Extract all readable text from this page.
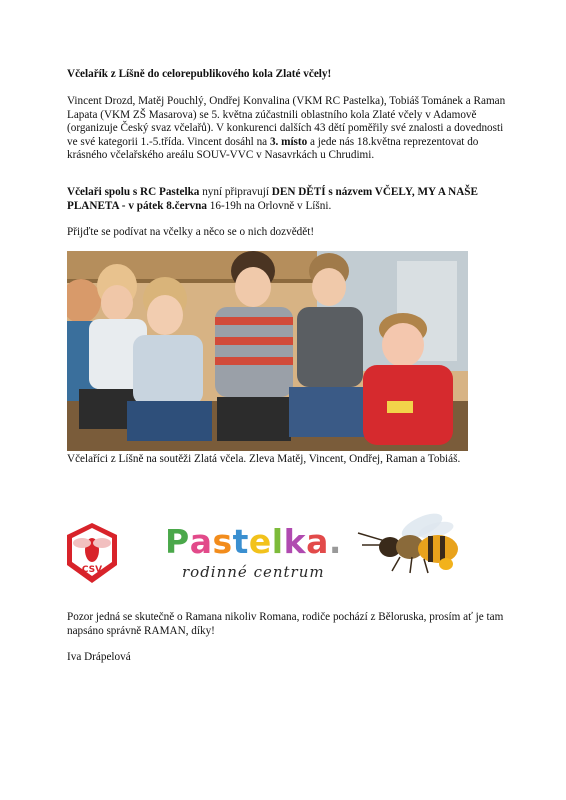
Včelařík z Líšně do celorepublikového kola Zlaté včely!
Vincent Drozd, Matěj Pouchlý, Ondřej Konvalina (VKM RC Pastelka), Tobiáš Tománek a Raman Lapata (VKM ZŠ Masarova) se 5. května zúčastnili oblastního kola Zlaté včely v Adamově (organizuje Český svaz včelařů). V konkurenci dalších 43 dětí poměřily své znalosti a dovednosti ve své kategorii 1.-5.třída. Vincent dosáhl na 3. místo a jede nás 18.května reprezentovat do krásného včelařského areálu SOUV-VVC v Nasavrkách u Chrudimi.
Včelaři spolu s RC Pastelka nyní připravují DEN DĚTÍ s názvem VČELY, MY A NAŠE PLANETA - v pátek 8.června 16-19h na Orlovně v Líšni.
Přijďte se podívat na včelky a něco se o nich dozvědět!
Včelaříci z Líšně na soutěži Zlatá včela. Zleva Matěj, Vincent, Ondřej, Raman a Tobiáš.
CSV
Pastelka.
rodinné centrum
Pozor jedná se skutečně o Ramana nikoliv Romana, rodiče pochází z Běloruska, prosím ať je tam napsáno správně RAMAN, díky!
Iva Drápelová
